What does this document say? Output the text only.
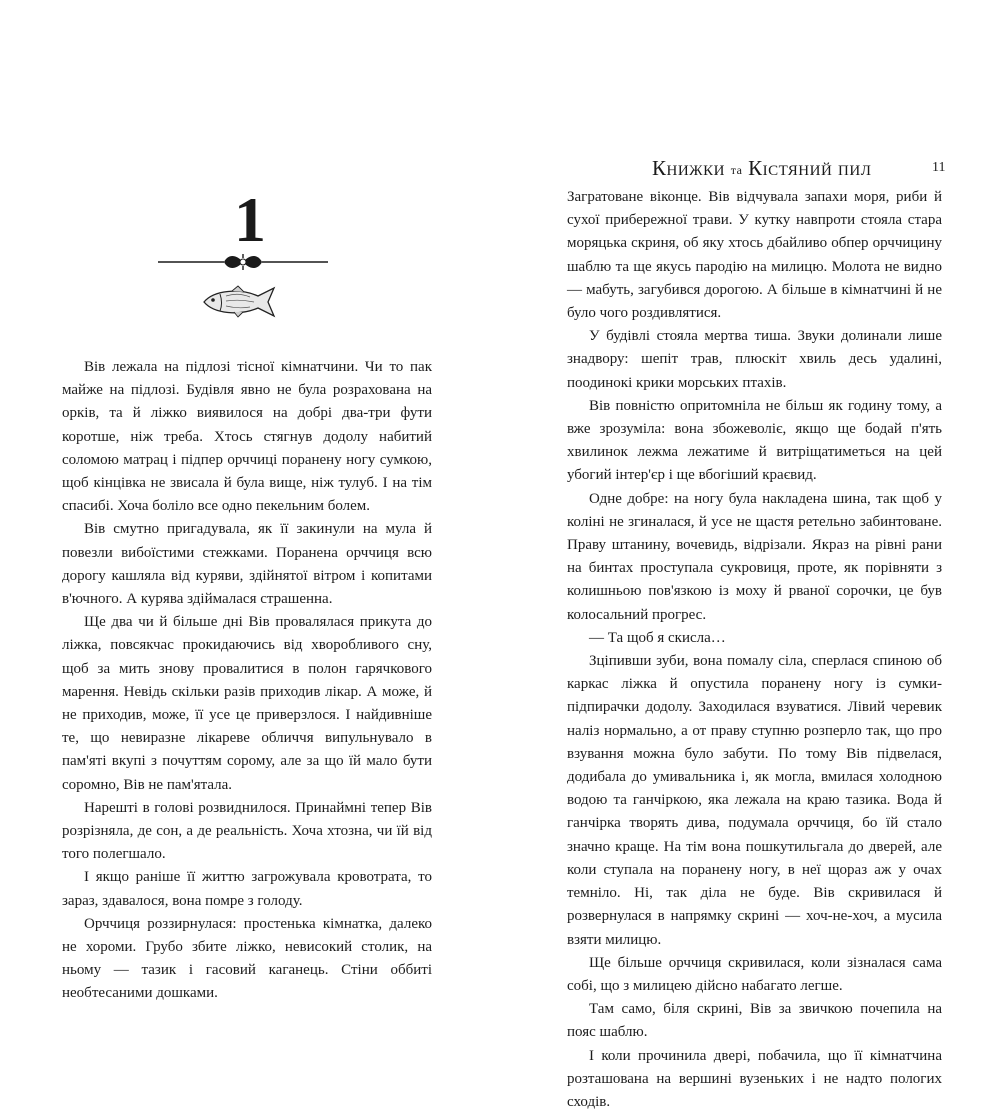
1

Вів лежала на підлозі тісної кімнатчини. Чи то пак майже на підлозі. Будівля явно не була розрахована на орків, та й ліжко виявилося на добрі два-три фути коротше, ніж треба. Хтось стягнув додолу набитий соломою матрац і підпер орччиці поранену ногу сумкою, щоб кінцівка не звисала й була вище, ніж тулуб. І на тім спасибі. Хоча боліло все одно пекельним болем.

Вів смутно пригадувала, як її закинули на мула й повезли вибоїстими стежками. Поранена орччиця всю дорогу кашляла від куряви, здійнятої вітром і копитами в'ючного. А курява здіймалася страшенна.

Ще два чи й більше дні Вів провалялася прикута до ліжка, повсякчас прокидаючись від хворобливого сну, щоб за мить знову провалитися в полон гарячкового марення. Невідь скільки разів приходив лікар. А може, й не приходив, може, її усе це приверзлося. І найдивніше те, що невиразне лікареве обличчя випульнувало в пам'яті вкупі з почуттям сорому, але за що їй мало бути соромно, Вів не пам'ятала.

Нарешті в голові розвиднилося. Принаймні тепер Вів розрізняла, де сон, а де реальність. Хоча хтозна, чи їй від того полегшало.

І якщо раніше її життю загрожувала кровотрата, то зараз, здавалося, вона помре з голоду.

Орччиця роззирнулася: простенька кімнатка, далеко не хороми. Грубо збите ліжко, невисокий столик, на ньому — тазик і гасовий каганець. Стіни оббиті необтесаними дошками.

Книжки та Кістяний пил	11

Загратоване віконце. Вів відчувала запахи моря, риби й сухої прибережної трави. У кутку навпроти стояла стара моряцька скриня, об яку хтось дбайливо обпер орччицину шаблю та ще якусь пародію на милицю. Молота не видно — мабуть, загубився дорогою. А більше в кімнатчині й не було чого роздивлятися.

У будівлі стояла мертва тиша. Звуки долинали лише знадвору: шепіт трав, плюскіт хвиль десь удалині, поодинокі крики морських птахів.

Вів повністю опритомніла не більш як годину тому, а вже зрозуміла: вона збожеволіє, якщо ще бодай п'ять хвилинок лежма лежатиме й витріщатиметься на цей убогий інтер'єр і ще вбогіший краєвид.

Одне добре: на ногу була накладена шина, так щоб у коліні не згиналася, й усе не щастя ретельно забинтоване. Праву штанину, вочевидь, відрізали. Якраз на рівні рани на бинтах проступала сукровиця, проте, як порівняти з колишньою пов'язкою із моху й рваної сорочки, це був колосальний прогрес.

— Та щоб я скисла…

Зціпивши зуби, вона помалу сіла, сперлася спиною об каркас ліжка й опустила поранену ногу із сумки-підпирачки додолу. Заходилася взуватися. Лівий черевик наліз нормально, а от праву ступню розперло так, що про взування можна було забути. По тому Вів підвелася, додибала до умивальника і, як могла, вмилася холодною водою та ганчіркою, яка лежала на краю тазика. Вода й ганчірка творять дива, подумала орччиця, бо їй стало значно краще. На тім вона пошкутильгала до дверей, але коли ступала на поранену ногу, в неї щораз аж у очах темніло. Ні, так діла не буде. Вів скривилася й розвернулася в напрямку скрині — хоч-не-хоч, а мусила взяти милицю.

Ще більше орччиця скривилася, коли зізналася сама собі, що з милицею дійсно набагато легше.

Там само, біля скрині, Вів за звичкою почепила на пояс шаблю.

І коли прочинила двері, побачила, що її кімнатчина розташована на вершині вузеньких і не надто пологих сходів.
